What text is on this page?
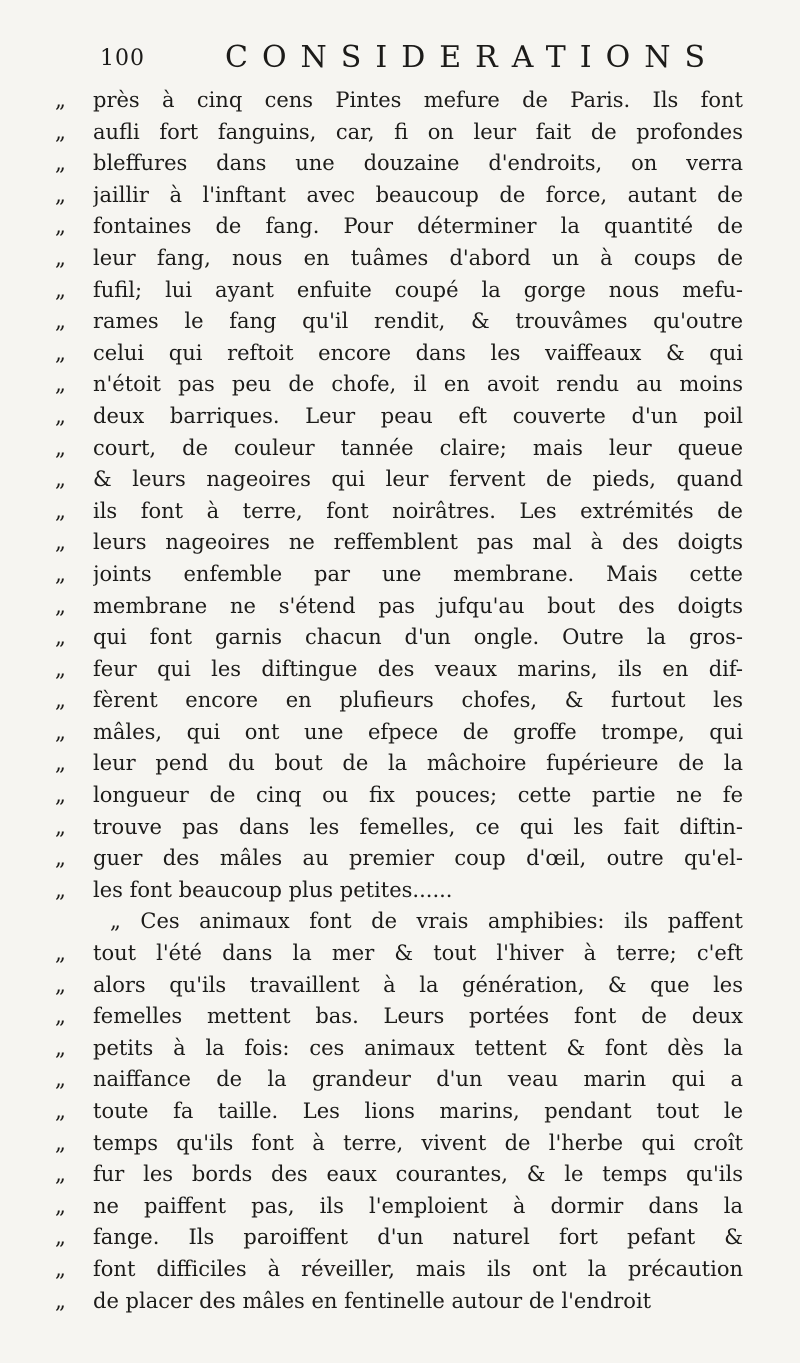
100	CONSIDERATIONS
„	près à cinq cens Pintes mefure de Paris. Ils font
„	aufli fort fanguins, car, fi on leur fait de profondes
„	bleffures dans une douzaine d'endroits, on verra
„	jaillir à l'inftant avec beaucoup de force, autant de
„	fontaines de fang. Pour déterminer la quantité de
„	leur fang, nous en tuâmes d'abord un à coups de
„	fufil; lui ayant enfuite coupé la gorge nous mefu-
„	rames le fang qu'il rendit, & trouvâmes qu'outre
„	celui qui reftoit encore dans les vaiffeaux & qui
„	n'étoit pas peu de chofe, il en avoit rendu au moins
„	deux barriques. Leur peau eft couverte d'un poil
„	court, de couleur tannée claire; mais leur queue
„	& leurs nageoires qui leur fervent de pieds, quand
„	ils font à terre, font noirâtres. Les extrémités de
„	leurs nageoires ne reffemblent pas mal à des doigts
„	joints enfemble par une membrane. Mais cette
„	membrane ne s'étend pas jufqu'au bout des doigts
„	qui font garnis chacun d'un ongle. Outre la gros-
„	feur qui les diftingue des veaux marins, ils en dif-
„	fèrent encore en plufieurs chofes, & furtout les
„	mâles, qui ont une efpece de groffe trompe, qui
„	leur pend du bout de la mâchoire fupérieure de la
„	longueur de cinq ou fix pouces; cette partie ne fe
„	trouve pas dans les femelles, ce qui les fait diftin-
„	guer des mâles au premier coup d'œil, outre qu'el-
„	les font beaucoup plus petites......
„ Ces animaux font de vrais amphibies: ils paffent
„	tout l'été dans la mer & tout l'hiver à terre; c'eft
„	alors qu'ils travaillent à la génération, & que les
„	femelles mettent bas. Leurs portées font de deux
„	petits à la fois: ces animaux tettent & font dès la
„	naiffance de la grandeur d'un veau marin qui a
„	toute fa taille. Les lions marins, pendant tout le
„	temps qu'ils font à terre, vivent de l'herbe qui croît
„	fur les bords des eaux courantes, & le temps qu'ils
„	ne paiffent pas, ils l'emploient à dormir dans la
„	fange. Ils paroiffent d'un naturel fort pefant &
„	font difficiles à réveiller, mais ils ont la précaution
„	de placer des mâles en fentinelle autour de l'endroit
